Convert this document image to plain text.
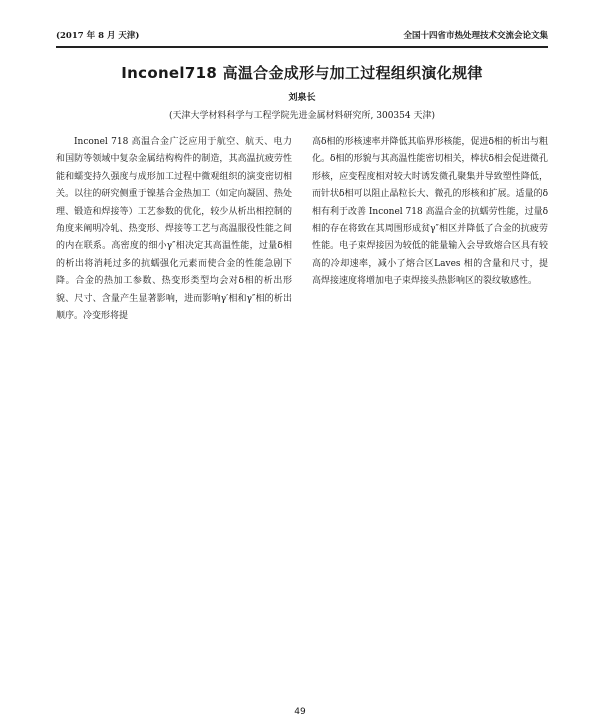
(2017 年 8 月 天津)	全国十四省市热处理技术交流会论文集
Inconel718 高温合金成形与加工过程组织演化规律
刘泉长
(天津大学材料科学与工程学院先进金属材料研究所, 300354 天津)

Inconel 718 高温合金广泛应用于航空、航天、电力和国防等领域中复杂金属结构构件的制造，其高温抗疲劳性能和蠕变持久强度与成形加工过程中微观组织的演变密切相关。以往的研究侧重于镍基合金热加工（如定向凝固、热处理、锻造和焊接等）工艺参数的优化，较少从析出相控制的角度来阐明冷轧、热变形、焊接等工艺与高温服役性能之间的内在联系。高密度的细小γ″相决定其高温性能，过量δ相的析出将消耗过多的抗蠕强化元素而使合金的性能急剧下降。合金的热加工参数、热变形类型均会对δ相的析出形貌、尺寸、含量产生显著影响，进而影响γ′相和γ″相的析出顺序。冷变形将提

高δ相的形核速率并降低其临界形核能，促进δ相的析出与粗化。δ相的形貌与其高温性能密切相关，棒状δ相会促进微孔形核，应变程度相对较大时诱发微孔聚集并导致塑性降低，而针状δ相可以阻止晶粒长大、微孔的形核和扩展。适量的δ相有利于改善 Inconel 718 高温合金的抗蠕劳性能，过量δ相的存在将致在其周围形成贫γ″相区并降低了合金的抗疲劳性能。电子束焊接因为较低的能量输入会导致熔合区具有较高的冷却速率，减小了熔合区Laves 相的含量和尺寸，提高焊接速度将增加电子束焊接头热影响区的裂纹敏感性。

49
